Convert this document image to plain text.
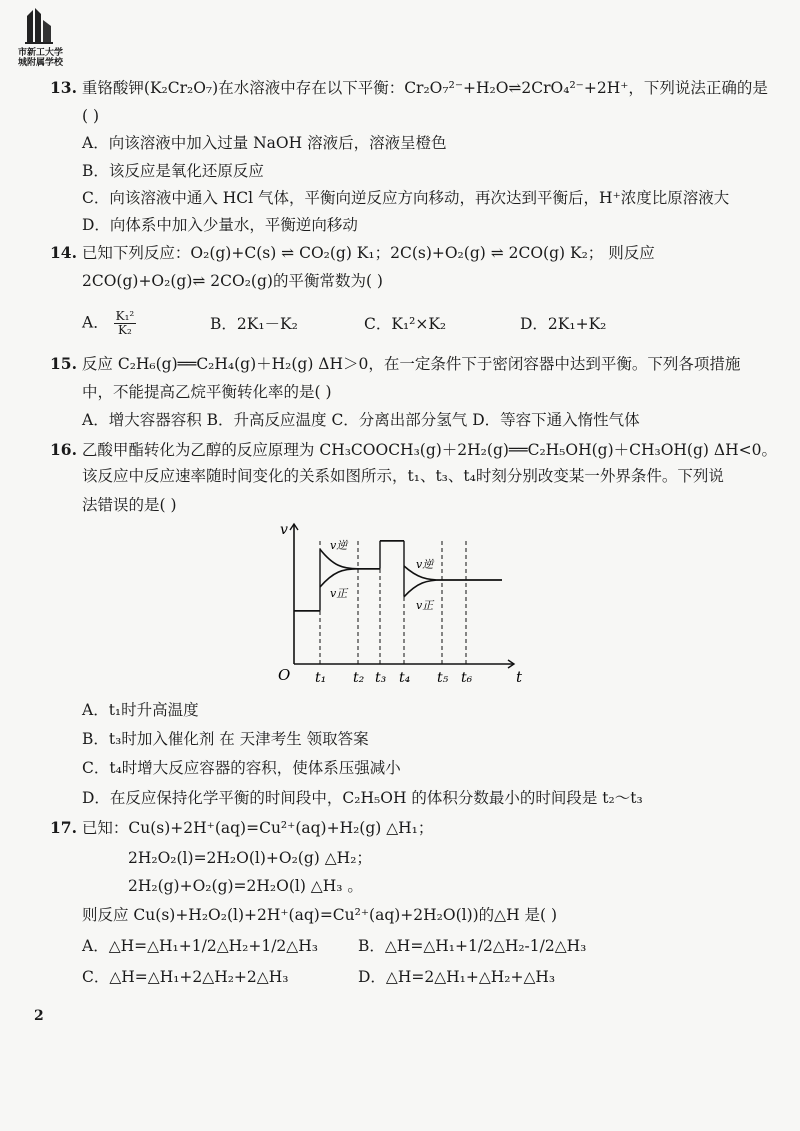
市新工大学
城附属学校
13. 重铬酸钾(K₂Cr₂O₇)在水溶液中存在以下平衡：Cr₂O₇²⁻+H₂O⇌2CrO₄²⁻+2H⁺，下列说法正确的是
( )
A．向该溶液中加入过量 NaOH 溶液后，溶液呈橙色
B．该反应是氧化还原反应
C．向该溶液中通入 HCl 气体，平衡向逆反应方向移动，再次达到平衡后，H⁺浓度比原溶液大
D．向体系中加入少量水，平衡逆向移动
14. 已知下列反应：O₂(g)+C(s) ⇌ CO₂(g) K₁；2C(s)+O₂(g) ⇌ 2CO(g) K₂； 则反应
2CO(g)+O₂(g)⇌ 2CO₂(g)的平衡常数为( )
A． $\frac{\text{K₁²}}{\text{K₂}}$	B．2K₁－K₂	C．K₁²×K₂	D．2K₁+K₂
15. 反应 C₂H₆(g)══C₂H₄(g)＋H₂(g) ΔH＞0，在一定条件下于密闭容器中达到平衡。下列各项措施
中，不能提高乙烷平衡转化率的是( )
A．增大容器容积 B．升高反应温度 C．分离出部分氢气 D．等容下通入惰性气体
16. 乙酸甲酯转化为乙醇的反应原理为 CH₃COOCH₃(g)＋2H₂(g)══C₂H₅OH(g)＋CH₃OH(g) ΔH<0。
该反应中反应速率随时间变化的关系如图所示，t₁、t₃、t₄时刻分别改变某一外界条件。下列说
法错误的是( )
v
t
O t₁ t₂ t₃ t₄ t₅ t₆
v逆
v正
v逆
v正
A．t₁时升高温度
B．t₃时加入催化剂 在 天津考生 领取答案
C．t₄时增大反应容器的容积，使体系压强减小
D．在反应保持化学平衡的时间段中，C₂H₅OH 的体积分数最小的时间段是 t₂～t₃
17. 已知：Cu(s)+2H⁺(aq)=Cu²⁺(aq)+H₂(g) △H₁；
2H₂O₂(l)=2H₂O(l)+O₂(g) △H₂；
2H₂(g)+O₂(g)=2H₂O(l) △H₃ 。
则反应 Cu(s)+H₂O₂(l)+2H⁺(aq)=Cu²⁺(aq)+2H₂O(l))的△H 是( )
A．△H=△H₁+1/2△H₂+1/2△H₃	B．△H=△H₁+1/2△H₂-1/2△H₃
C．△H=△H₁+2△H₂+2△H₃	D．△H=2△H₁+△H₂+△H₃
2
